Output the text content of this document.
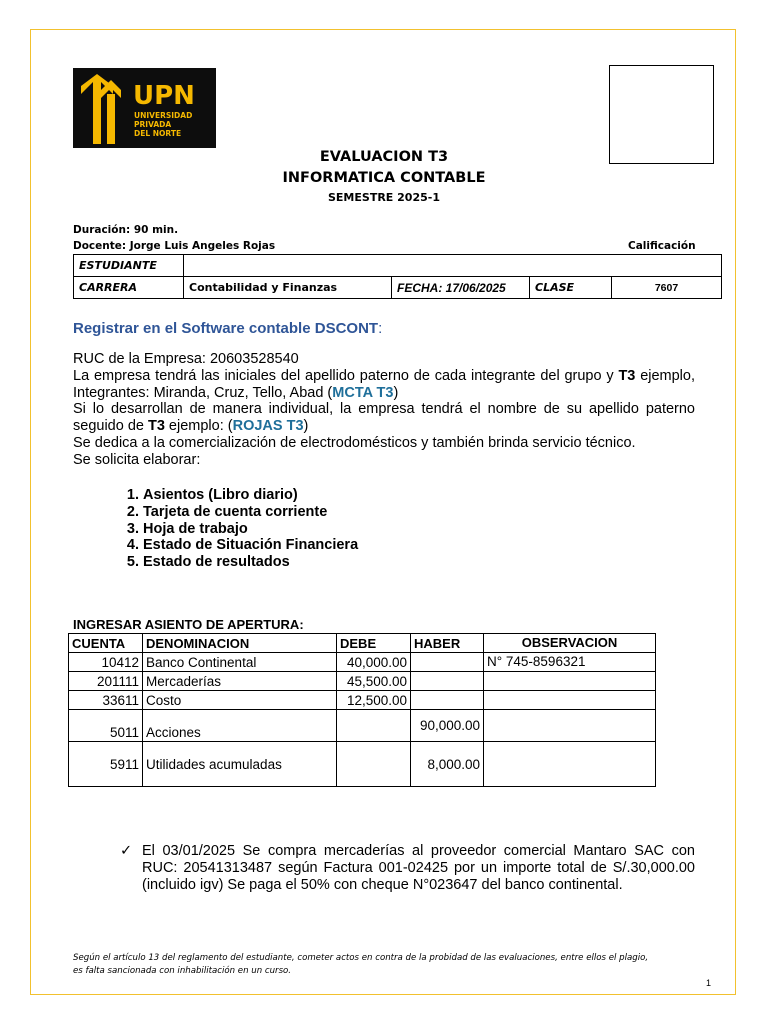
UPN
UNIVERSIDAD
PRIVADA
DEL NORTE
EVALUACION T3
INFORMATICA CONTABLE
SEMESTRE 2025-1
Duración: 90 min.
Docente: Jorge Luis Angeles Rojas	Calificación
ESTUDIANTE				
CARRERA	Contabilidad y Finanzas	FECHA: 17/06/2025	CLASE	7607
Registrar en el Software contable DSCONT:

RUC de la Empresa: 20603528540

La empresa tendrá las iniciales del apellido paterno de cada integrante del grupo y T3 ejemplo, Integrantes: Miranda, Cruz, Tello, Abad (MCTA T3)

Si lo desarrollan de manera individual, la empresa tendrá el nombre de su apellido paterno seguido de T3 ejemplo: (ROJAS T3)

Se dedica a la comercialización de electrodomésticos y también brinda servicio técnico.

Se solicita elaborar:

1. Asientos (Libro diario)
2. Tarjeta de cuenta corriente
3. Hoja de trabajo
4. Estado de Situación Financiera
5. Estado de resultados
INGRESAR ASIENTO DE APERTURA:
CUENTA	DENOMINACION	DEBE	HABER	OBSERVACION
10412	Banco Continental	40,000.00		N° 745-8596321
201111	Mercaderías	45,500.00		
33611	Costo	12,500.00		
5011	Acciones		90,000.00	
5911	Utilidades acumuladas		8,000.00	
✓ El 03/01/2025 Se compra mercaderías al proveedor comercial Mantaro SAC con RUC: 20541313487 según Factura 001-02425 por un importe total de S/.30,000.00 (incluido igv) Se paga el 50% con cheque N°023647 del banco continental.
Según el artículo 13 del reglamento del estudiante, cometer actos en contra de la probidad de las evaluaciones, entre ellos el plagio,
es falta sancionada con inhabilitación en un curso.
1
